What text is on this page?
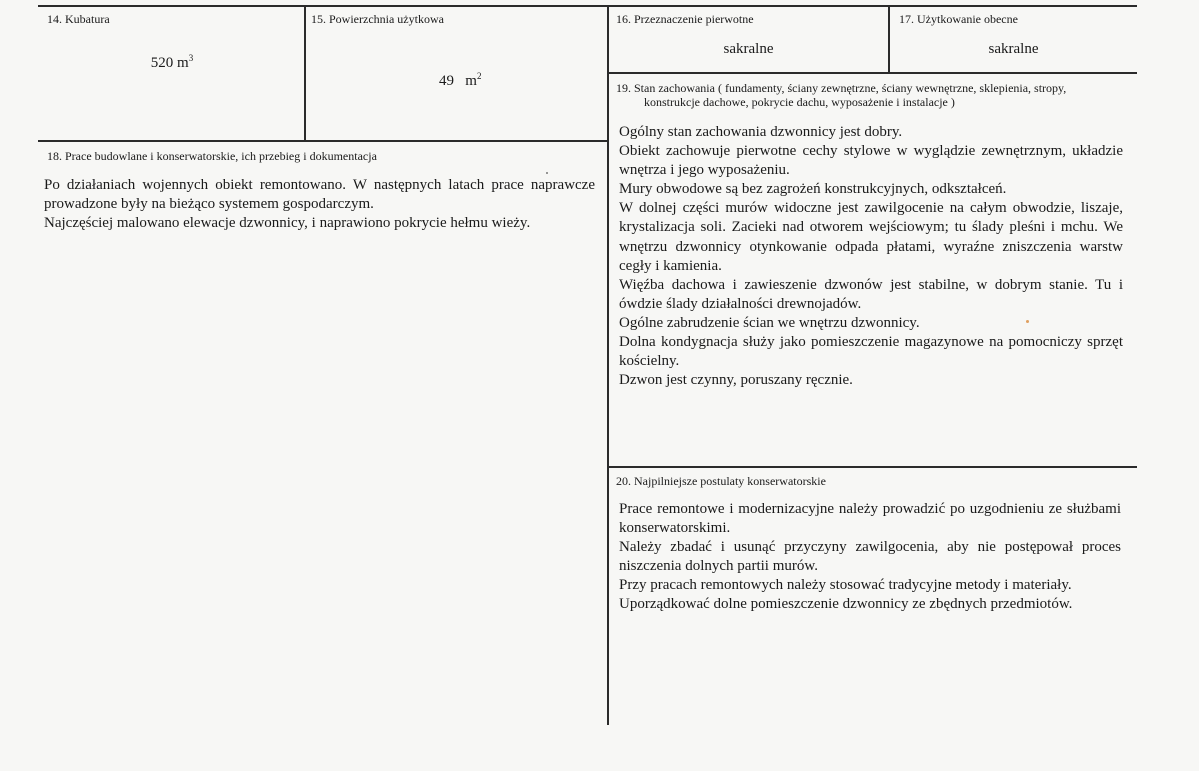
14. Kubatura
520 $m^3$
15. Powierzchnia użytkowa

49   $m^2$

16. Przeznaczenie pierwotne
sakralne
17. Użytkowanie obecne
sakralne
19. Stan zachowania ( fundamenty, ściany zewnętrzne, ściany wewnętrzne, sklepienia, stropy,
konstrukcje dachowe, pokrycie dachu, wyposażenie i instalacje )

Ogólny stan zachowania dzwonnicy jest dobry.

Obiekt zachowuje pierwotne cechy stylowe w wyglądzie zewnętrznym, układzie wnętrza i jego wyposażeniu.

Mury obwodowe są bez zagrożeń konstrukcyjnych, odkształceń.

W dolnej części murów widoczne jest zawilgocenie na całym obwodzie, liszaje, krystalizacja soli. Zacieki nad otworem wejściowym; tu ślady pleśni i mchu. We wnętrzu dzwonnicy otynkowanie odpada płatami, wyraźne zniszczenia warstw cegły i kamienia.

Więźba dachowa i zawieszenie dzwonów jest stabilne, w dobrym stanie. Tu i ówdzie ślady działalności drewnojadów.

Ogólne zabrudzenie ścian we wnętrzu dzwonnicy.

Dolna kondygnacja służy jako pomieszczenie magazynowe na pomocniczy sprzęt kościelny.

Dzwon jest czynny, poruszany ręcznie.

18. Prace budowlane i konserwatorskie, ich przebieg i dokumentacja

Po działaniach wojennych obiekt remontowano. W następnych latach prace naprawcze prowadzone były na bieżąco systemem gospodarczym.

Najczęściej malowano elewacje dzwonnicy, i naprawiono pokrycie hełmu wieży.

20. Najpilniejsze postulaty konserwatorskie

Prace remontowe i modernizacyjne należy prowadzić po uzgodnieniu ze służbami konserwatorskimi.

Należy zbadać i usunąć przyczyny zawilgocenia, aby nie postępował proces niszczenia dolnych partii murów.

Przy pracach remontowych należy stosować tradycyjne metody i materiały.

Uporządkować dolne pomieszczenie dzwonnicy ze zbędnych przedmiotów.
